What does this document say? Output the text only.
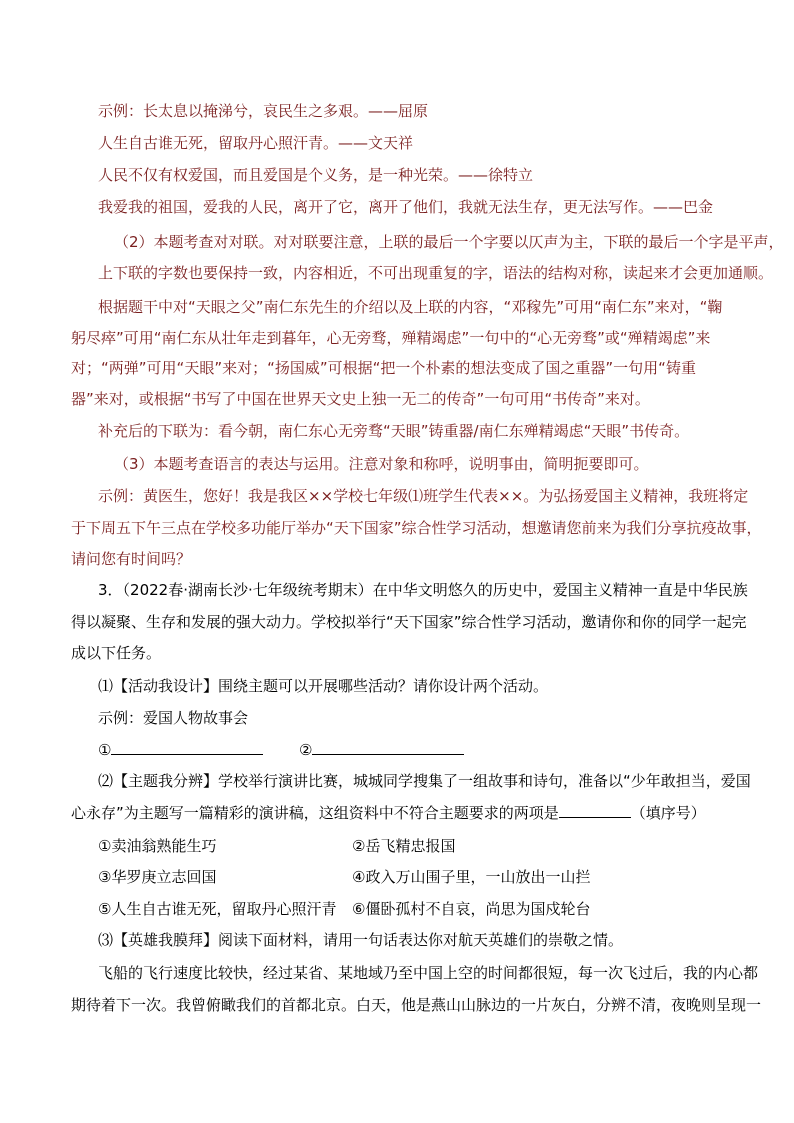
示例：长太息以掩涕兮，哀民生之多艰。——屈原
人生自古谁无死，留取丹心照汗青。——文天祥
人民不仅有权爱国，而且爱国是个义务，是一种光荣。——徐特立
我爱我的祖国，爱我的人民，离开了它，离开了他们，我就无法生存，更无法写作。——巴金
（2）本题考查对对联。对对联要注意，上联的最后一个字要以仄声为主，下联的最后一个字是平声，
上下联的字数也要保持一致，内容相近，不可出现重复的字，语法的结构对称，读起来才会更加通顺。
根据题干中对“天眼之父”南仁东先生的介绍以及上联的内容，“邓稼先”可用“南仁东”来对，“鞠
躬尽瘁”可用“南仁东从壮年走到暮年，心无旁骛，殚精竭虑”一句中的“心无旁骛”或“殚精竭虑”来
对；“两弹”可用“天眼”来对；“扬国威”可根据“把一个朴素的想法变成了国之重器”一句用“铸重
器”来对，或根据“书写了中国在世界天文史上独一无二的传奇”一句可用“书传奇”来对。
补充后的下联为：看今朝，南仁东心无旁骛“天眼”铸重器/南仁东殚精竭虑“天眼”书传奇。
（3）本题考查语言的表达与运用。注意对象和称呼，说明事由，简明扼要即可。
示例：黄医生，您好！我是我区××学校七年级⑴班学生代表××。为弘扬爱国主义精神，我班将定
于下周五下午三点在学校多功能厅举办“天下国家”综合性学习活动，想邀请您前来为我们分享抗疫故事，
请问您有时间吗？
3．（2022春·湖南长沙·七年级统考期末）在中华文明悠久的历史中，爱国主义精神一直是中华民族
得以凝聚、生存和发展的强大动力。学校拟举行“天下国家”综合性学习活动，邀请你和你的同学一起完
成以下任务。
⑴【活动我设计】围绕主题可以开展哪些活动？请你设计两个活动。
示例：爱国人物故事会
①	②
⑵【主题我分辨】学校举行演讲比赛，城城同学搜集了一组故事和诗句，准备以“少年敢担当，爱国
心永存”为主题写一篇精彩的演讲稿，这组资料中不符合主题要求的两项是	（填序号）
①卖油翁熟能生巧	②岳飞精忠报国
③华罗庚立志回国	④政入万山围子里，一山放出一山拦
⑤人生自古谁无死，留取丹心照汗青 ⑥僵卧孤村不自哀，尚思为国戍轮台
⑶【英雄我膜拜】阅读下面材料，请用一句话表达你对航天英雄们的崇敬之情。
飞船的飞行速度比较快，经过某省、某地域乃至中国上空的时间都很短，每一次飞过后，我的内心都
期待着下一次。我曾俯瞰我们的首都北京。白天，他是燕山山脉边的一片灰白，分辨不清，夜晚则呈现一
